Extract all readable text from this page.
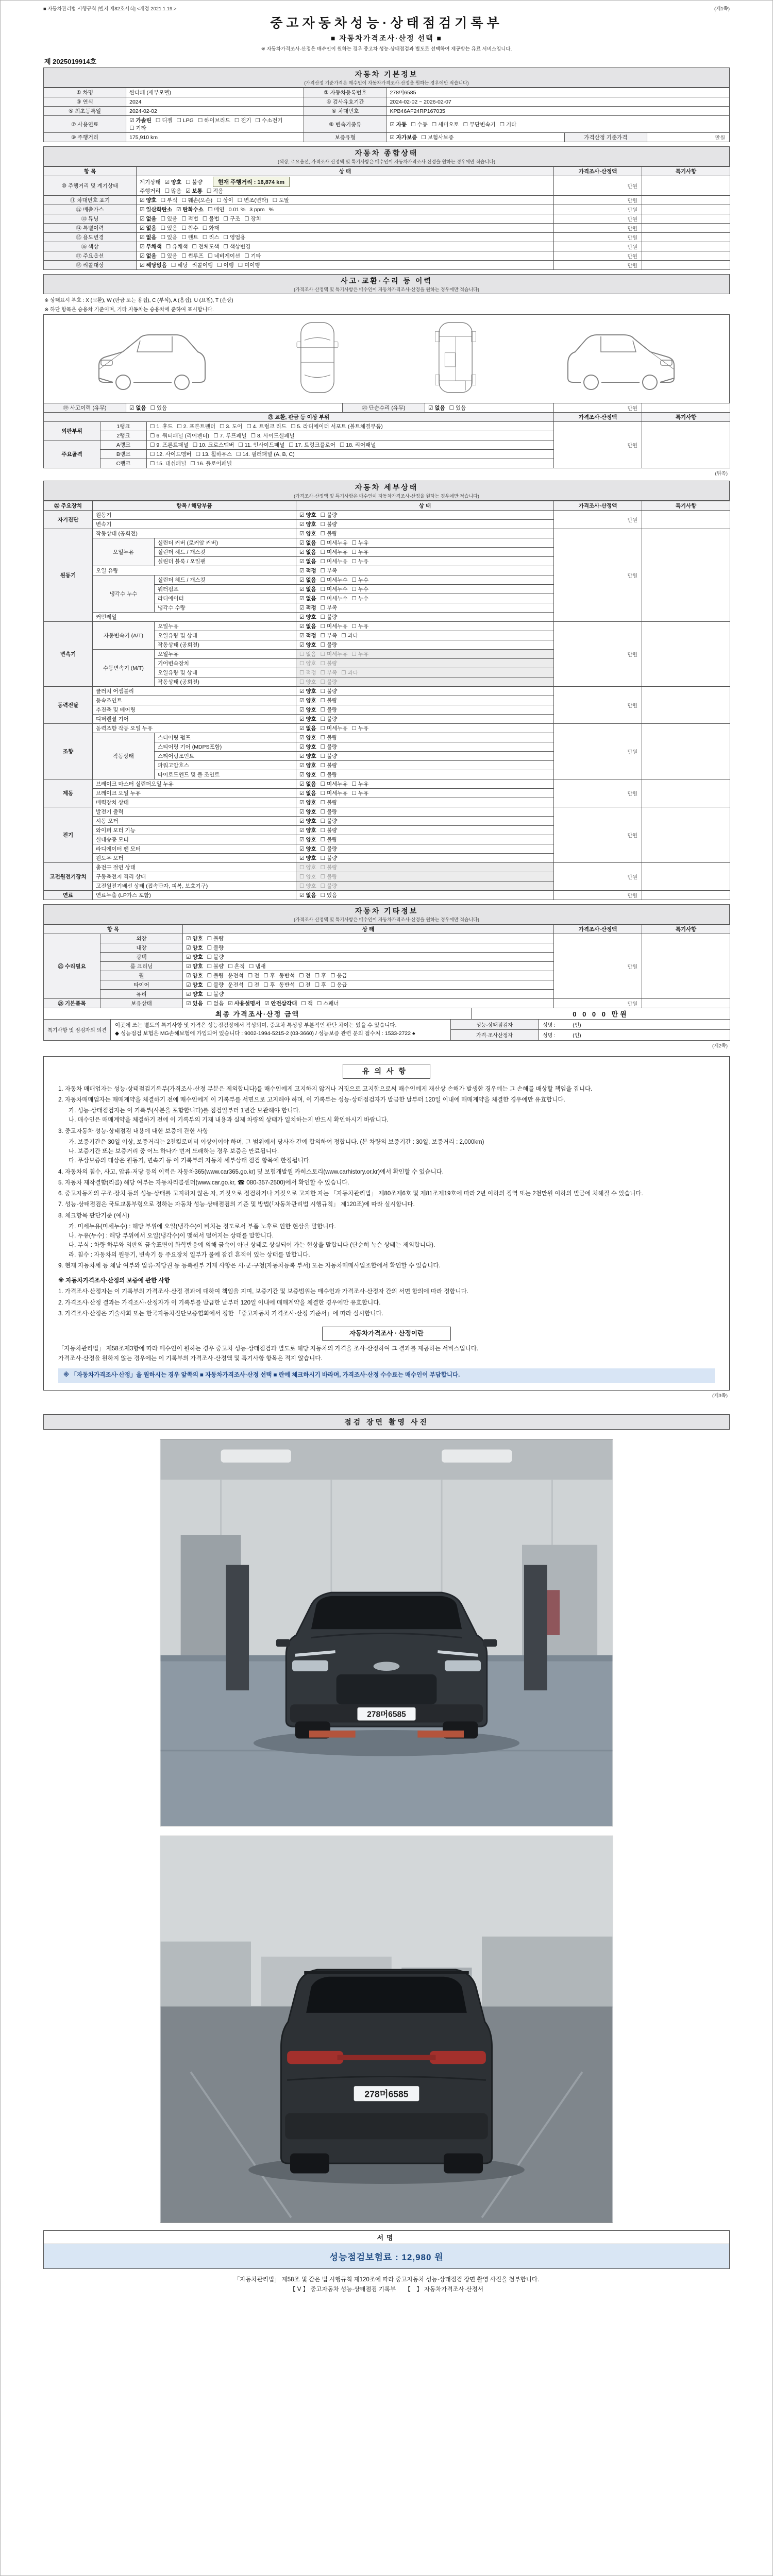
■ 자동차관리법 시행규칙 [별지 제82호서식] <개정 2021.1.19.>	(제1쪽)
중고자동차성능·상태점검기록부
■ 자동차가격조사·산정 선택 ■
※ 자동차가격조사·산정은 매수인이 원하는 경우 중고차 성능·상태점검과 별도로 선택하여 제공받는 유료 서비스입니다.
제 2025019914호
자동차 기본정보
(가격산정 기준가격은 매수인이 자동차가격조사·산정을 원하는 경우에만 적습니다)
① 차명	싼타페 (세부모델)	② 자동차등록번호	278머6585		
③ 연식	2024	④ 검사유효기간	2024-02-02 ~ 2026-02-07		
⑤ 최초등록일	2024-02-02	⑥ 차대번호	KPB46AF24RP167035		
⑦ 사용연료	☑ 가솔린 ☐ 디젤 ☐ LPG ☐ 하이브리드 ☐ 전기 ☐ 수소전기☐ 기타	⑧ 변속기종류	☑ 자동 ☐ 수동 ☐ 세미오토 ☐ 무단변속기 ☐ 기타		
⑨ 주행거리	175,910 km	보증유형	☑ 자가보증 ☐ 보험사보증	가격산정 기준가격	만원
자동차 종합상태
(색상, 주요옵션, 가격조사·산정액 및 특기사항은 매수인이 자동차가격조사·산정을 원하는 경우에만 적습니다)
항 목	상 태	가격조사·산정액	특기사항
⑩ 주행거리 및 계기상태	계기상태 ☑ 양호 ☐ 불량 현재 주행거리 : 16,874 km
주행거리 ☐ 많음 ☑ 보통 ☐ 적음	만원	
⑪ 차대번호 표기	☑ 양호 ☐ 부식 ☐ 훼손(오손) ☐ 상이 ☐ 변조(변타) ☐ 도말	만원	
⑫ 배출가스	☑ 일산화탄소 ☑ 탄화수소 ☐ 매연 0.01 % 3 ppm %	만원	
⑬ 튜닝	☑ 없음 ☐ 있음 ☐ 적법 ☐ 불법 ☐ 구조 ☐ 장치	만원	
⑭ 특별이력	☑ 없음 ☐ 있음 ☐ 침수 ☐ 화재	만원	
⑮ 용도변경	☑ 없음 ☐ 있음 ☐ 렌트 ☐ 리스 ☐ 영업용	만원	
⑯ 색상	☑ 무채색 ☐ 유채색 ☐ 전체도색 ☐ 색상변경	만원	
⑰ 주요옵션	☑ 없음 ☐ 있음 ☐ 썬루프 ☐ 네비게이션 ☐ 기타	만원	
⑱ 리콜대상	☑ 해당없음 ☐ 해당 리콜이행 ☐ 이행 ☐ 미이행	만원	
사고·교환·수리 등 이력
(가격조사·산정액 및 특기사항은 매수인이 자동차가격조사·산정을 원하는 경우에만 적습니다)
※ 상태표시 부호 : X (교환), W (판금 또는 용접), C (부식), A (흠집), U (요철), T (손상)
※ 하단 항목은 승용차 기준이며, 기타 자동차는 승용차에 준하여 표시합니다.
⑲ 사고이력 (유무)	☑ 없음 ☐ 있음	⑳ 단순수리 (유무)	☑ 없음 ☐ 있음	만원	
㉑ 교환, 판금 등 이상 부위			가격조사·산정액	특기사항
외판부위	1랭크	☐ 1. 후드 ☐ 2. 프론트펜더 ☐ 3. 도어 ☐ 4. 트렁크 리드 ☐ 5. 라디에이터 서포트 (볼트체결부품)	만원	
	2랭크	☐ 6. 쿼터패널 (리어펜더) ☐ 7. 루프패널 ☐ 8. 사이드실패널		
주요골격	A랭크	☐ 9. 프론트패널 ☐ 10. 크로스멤버 ☐ 11. 인사이드패널 ☐ 17. 트렁크플로어 ☐ 18. 리어패널		
	B랭크	☐ 12. 사이드멤버 ☐ 13. 휠하우스 ☐ 14. 필러패널 (A, B, C)		
	C랭크	☐ 15. 대쉬패널 ☐ 16. 플로어패널		
(뒤쪽)
자동차 세부상태
(가격조사·산정액 및 특기사항은 매수인이 자동차가격조사·산정을 원하는 경우에만 적습니다)
㉒ 주요장치	항목 / 해당부품		상 태	가격조사·산정액	특기사항
자기진단	원동기		☑ 양호 ☐ 불량	만원	
	변속기		☑ 양호 ☐ 불량		
원동기	작동상태 (공회전)		☑ 양호 ☐ 불량	만원	
	오일누유	실린더 커버 (로커암 커버)	☑ 없음 ☐ 미세누유 ☐ 누유		
		실린더 헤드 / 개스킷	☑ 없음 ☐ 미세누유 ☐ 누유		
		실린더 블록 / 오일팬	☑ 없음 ☐ 미세누유 ☐ 누유		
	오일 유량		☑ 적정 ☐ 부족		
	냉각수 누수	실린더 헤드 / 개스킷	☑ 없음 ☐ 미세누수 ☐ 누수		
		워터펌프	☑ 없음 ☐ 미세누수 ☐ 누수		
		라디에이터	☑ 없음 ☐ 미세누수 ☐ 누수		
		냉각수 수량	☑ 적정 ☐ 부족		
	커먼레일		☑ 양호 ☐ 불량		
변속기	자동변속기 (A/T)	오일누유	☑ 없음 ☐ 미세누유 ☐ 누유	만원	
		오일유량 및 상태	☑ 적정 ☐ 부족 ☐ 과다		
		작동상태 (공회전)	☑ 양호 ☐ 불량		
	수동변속기 (M/T)	오일누유	☐ 없음 ☐ 미세누유 ☐ 누유		
		기어변속장치	☐ 양호 ☐ 불량		
		오일유량 및 상태	☐ 적정 ☐ 부족 ☐ 과다		
		작동상태 (공회전)	☐ 양호 ☐ 불량		
동력전달	클러치 어셈블리		☑ 양호 ☐ 불량	만원	
	등속조인트		☑ 양호 ☐ 불량		
	추진축 및 베어링		☑ 양호 ☐ 불량		
	디퍼렌셜 기어		☑ 양호 ☐ 불량		
조향	동력조향 작동 오일 누유		☑ 없음 ☐ 미세누유 ☐ 누유	만원	
	작동상태	스티어링 펌프	☑ 양호 ☐ 불량		
		스티어링 기어 (MDPS포함)	☑ 양호 ☐ 불량		
		스티어링조인트	☑ 양호 ☐ 불량		
		파워고압호스	☑ 양호 ☐ 불량		
		타이로드엔드 및 볼 조인트	☑ 양호 ☐ 불량		
제동	브레이크 마스터 실린더오일 누유		☑ 없음 ☐ 미세누유 ☐ 누유	만원	
	브레이크 오일 누유		☑ 없음 ☐ 미세누유 ☐ 누유		
	배력장치 상태		☑ 양호 ☐ 불량		
전기	발전기 출력		☑ 양호 ☐ 불량	만원	
	시동 모터		☑ 양호 ☐ 불량		
	와이퍼 모터 기능		☑ 양호 ☐ 불량		
	실내송풍 모터		☑ 양호 ☐ 불량		
	라디에이터 팬 모터		☑ 양호 ☐ 불량		
	윈도우 모터		☑ 양호 ☐ 불량		
고전원전기장치	충전구 절연 상태		☐ 양호 ☐ 불량	만원	
	구동축전지 격리 상태		☐ 양호 ☐ 불량		
	고전원전기배선 상태 (접속단자, 피복, 보호기구)		☐ 양호 ☐ 불량		
연료	연료누출 (LP가스 포함)		☑ 없음 ☐ 있음	만원	
자동차 기타정보
(가격조사·산정액 및 특기사항은 매수인이 자동차가격조사·산정을 원하는 경우에만 적습니다)
항 목		상 태	가격조사·산정액	특기사항
㉓ 수리필요	외장	☑ 양호 ☐ 불량	만원	
	내장	☑ 양호 ☐ 불량		
	광택	☑ 양호 ☐ 불량		
	룸 크리닝	☑ 양호 ☐ 불량 ☐ 흔적 ☐ 냄새		
	휠	☑ 양호 ☐ 불량 운전석 ☐ 전 ☐ 후 동반석 ☐ 전 ☐ 후 ☐ 응급		
	타이어	☑ 양호 ☐ 불량 운전석 ☐ 전 ☐ 후 동반석 ☐ 전 ☐ 후 ☐ 응급		
	유리	☑ 양호 ☐ 불량		
㉔ 기본품목	보유상태	☑ 있음 ☐ 없음 ☑ 사용설명서 ☑ 안전삼각대 ☐ 잭 ☐ 스패너	만원	
최종 가격조사·산정 금액	0 0 0 0 만원
특기사항 및 점검자의 의견	이곳에 쓰는 별도의 특기사항 및 가격은 성능점검장에서 작성되며, 중고차 특성상 부분적인 판단 차이는 있을 수 있습니다.
◆ 성능점검 보험은 MG손해보험에 가입되어 있습니다 : 9002-1994-5215-2 (03-3660) / 성능보증 관련 문의 접수처 : 1533-2722 ♠	성능·상태점검자	성명 : (인)
		가격·조사산정자	성명 : (인)
(제2쪽)
유의사항
1. 자동차 매매업자는 성능·상태점검기록부(가격조사·산정 부분은 제외합니다)를 매수인에게 고지하지 않거나 거짓으로 고지함으로써 매수인에게 재산상 손해가 발생한 경우에는 그 손해를 배상할 책임을 집니다.
2. 자동차매매업자는 매매계약을 체결하기 전에 매수인에게 이 기록부를 서면으로 고지해야 하며, 이 기록부는 성능·상태점검자가 발급한 날부터 120일 이내에 매매계약을 체결한 경우에만 유효합니다.
가. 성능·상태점검자는 이 기록부(사본을 포함합니다)를 점검일부터 1년간 보관해야 합니다.
나. 매수인은 매매계약을 체결하기 전에 이 기록부의 기재 내용과 실제 차량의 상태가 일치하는지 반드시 확인하시기 바랍니다.
3. 중고자동차 성능·상태점검 내용에 대한 보증에 관한 사항
가. 보증기간은 30일 이상, 보증거리는 2천킬로미터 이상이어야 하며, 그 범위에서 당사자 간에 합의하여 정합니다. (본 차량의 보증기간 : 30일, 보증거리 : 2,000km)
나. 보증기간 또는 보증거리 중 어느 하나가 먼저 도래하는 경우 보증은 만료됩니다.
다. 무상보증의 대상은 원동기, 변속기 등 이 기록부의 자동차 세부상태 점검 항목에 한정됩니다.
4. 자동차의 침수, 사고, 압류·저당 등의 이력은 자동차365(www.car365.go.kr) 및 보험개발원 카히스토리(www.carhistory.or.kr)에서 확인할 수 있습니다.
5. 자동차 제작결함(리콜) 해당 여부는 자동차리콜센터(www.car.go.kr, ☎ 080-357-2500)에서 확인할 수 있습니다.
6. 중고자동차의 구조·장치 등의 성능·상태를 고지하지 않은 자, 거짓으로 점검하거나 거짓으로 고지한 자는 「자동차관리법」 제80조제6호 및 제81조제19호에 따라 2년 이하의 징역 또는 2천만원 이하의 벌금에 처해질 수 있습니다.
7. 성능·상태점검은 국토교통부령으로 정하는 자동차 성능·상태점검의 기준 및 방법(「자동차관리법 시행규칙」 제120조)에 따라 실시합니다.
8. 체크항목 판단기준 (예시)
가. 미세누유(미세누수) : 해당 부위에 오일(냉각수)이 비치는 정도로서 부품 노후로 인한 현상을 말합니다.
나. 누유(누수) : 해당 부위에서 오일(냉각수)이 맺혀서 떨어지는 상태를 말합니다.
다. 부식 : 차량 하부와 외판의 금속표면이 화학반응에 의해 금속이 아닌 상태로 상실되어 가는 현상을 말합니다 (단순히 녹슨 상태는 제외합니다).
라. 침수 : 자동차의 원동기, 변속기 등 주요장치 일부가 물에 잠긴 흔적이 있는 상태를 말합니다.
9. 현재 자동차세 등 체납 여부와 압류·저당권 등 등록원부 기재 사항은 시·군·구청(자동차등록 부서) 또는 자동차매매사업조합에서 확인할 수 있습니다.
※ 자동차가격조사·산정의 보증에 관한 사항
1. 가격조사·산정자는 이 기록부의 가격조사·산정 결과에 대하여 책임을 지며, 보증기간 및 보증범위는 매수인과 가격조사·산정자 간의 서면 합의에 따라 정합니다.
2. 가격조사·산정 결과는 가격조사·산정자가 이 기록부를 발급한 날부터 120일 이내에 매매계약을 체결한 경우에만 유효합니다.
3. 가격조사·산정은 기술사회 또는 한국자동차진단보증협회에서 정한 「중고자동차 가격조사·산정 기준서」에 따라 실시합니다.
자동차가격조사 · 산정이란
「자동차관리법」 제58조제3항에 따라 매수인이 원하는 경우 중고차 성능·상태점검과 별도로 해당 자동차의 가격을 조사·산정하여 그 결과를 제공하는 서비스입니다.
가격조사·산정을 원하지 않는 경우에는 이 기록부의 가격조사·산정액 및 특기사항 항목은 적지 않습니다.
※ 「자동차가격조사·산정」을 원하시는 경우 앞쪽의 ■ 자동차가격조사·산정 선택 ■ 란에 체크하시기 바라며, 가격조사·산정 수수료는 매수인이 부담합니다.
(제3쪽)
점검 장면 촬영 사진
278머6585
278머6585
서명
성능점검보험료 : 12,980 원
「자동차관리법」 제58조 및 같은 법 시행규칙 제120조에 따라 중고자동차 성능·상태점검 장면 촬영 사진을 첨부합니다.
【 V 】 중고자동차 성능·상태점검 기록부　　【　】 자동차가격조사·산정서
